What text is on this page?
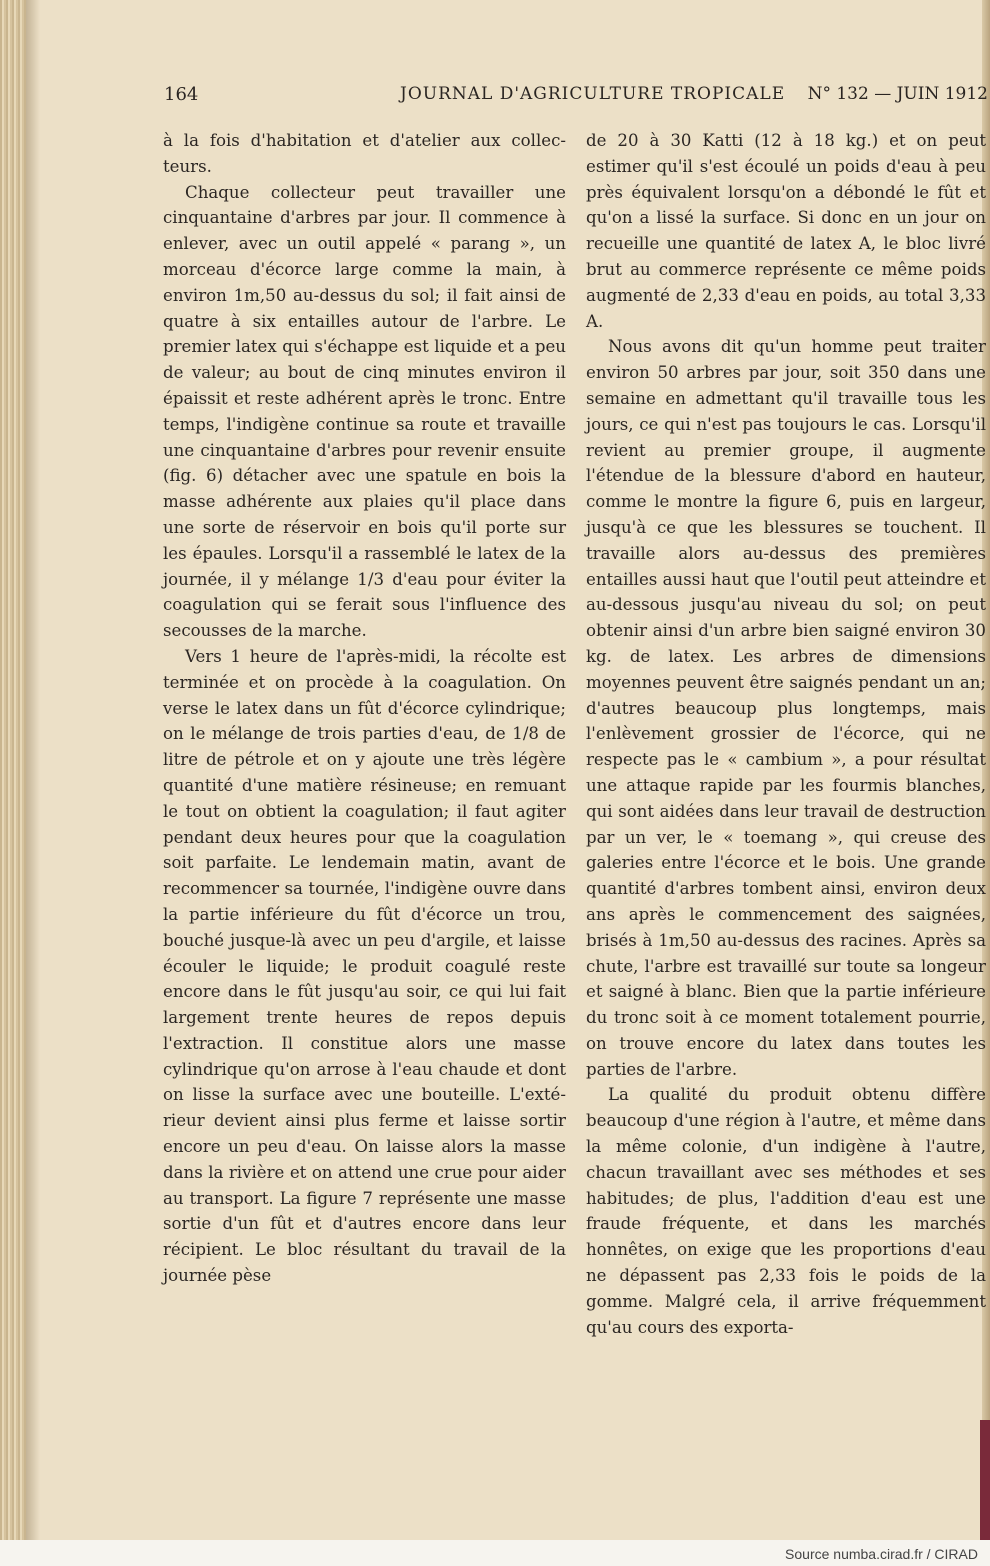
164	JOURNAL D'AGRICULTURE TROPICALE N° 132 — JUIN 1912

à la fois d'habitation et d'atelier aux collecteurs.

Chaque collecteur peut travailler une cinquantaine d'arbres par jour. Il commence à enlever, avec un outil appelé « parang », un morceau d'écorce large comme la main, à environ 1m,50 au-dessus du sol; il fait ainsi de quatre à six entailles autour de l'arbre. Le premier latex qui s'échappe est liquide et a peu de valeur; au bout de cinq minutes environ il épaissit et reste adhérent après le tronc. Entre temps, l'indigène continue sa route et travaille une cinquantaine d'arbres pour revenir ensuite (fig. 6) détacher avec une spatule en bois la masse adhérente aux plaies qu'il place dans une sorte de réservoir en bois qu'il porte sur les épaules. Lorsqu'il a rassemblé le latex de la journée, il y mélange 1/3 d'eau pour éviter la coagulation qui se ferait sous l'influence des secousses de la marche.

Vers 1 heure de l'après-midi, la récolte est terminée et on procède à la coagulation. On verse le latex dans un fût d'écorce cylindrique; on le mélange de trois parties d'eau, de 1/8 de litre de pétrole et on y ajoute une très légère quantité d'une matière résineuse; en remuant le tout on obtient la coagulation; il faut agiter pendant deux heures pour que la coagulation soit parfaite. Le lendemain matin, avant de recommencer sa tournée, l'indigène ouvre dans la partie inférieure du fût d'écorce un trou, bouché jusque-là avec un peu d'argile, et laisse écouler le liquide; le produit coagulé reste encore dans le fût jusqu'au soir, ce qui lui fait largement trente heures de repos depuis l'extraction. Il constitue alors une masse cylindrique qu'on arrose à l'eau chaude et dont on lisse la surface avec une bouteille. L'extérieur devient ainsi plus ferme et laisse sortir encore un peu d'eau. On laisse alors la masse dans la rivière et on attend une crue pour aider au transport. La figure 7 représente une masse sortie d'un fût et d'autres encore dans leur récipient. Le bloc résultant du travail de la journée pèse

de 20 à 30 Katti (12 à 18 kg.) et on peut estimer qu'il s'est écoulé un poids d'eau à peu près équivalent lorsqu'on a débondé le fût et qu'on a lissé la surface. Si donc en un jour on recueille une quantité de latex A, le bloc livré brut au commerce représente ce même poids augmenté de 2,33 d'eau en poids, au total 3,33 A.

Nous avons dit qu'un homme peut traiter environ 50 arbres par jour, soit 350 dans une semaine en admettant qu'il travaille tous les jours, ce qui n'est pas toujours le cas. Lorsqu'il revient au premier groupe, il augmente l'étendue de la blessure d'abord en hauteur, comme le montre la figure 6, puis en largeur, jusqu'à ce que les blessures se touchent. Il travaille alors au-dessus des premières entailles aussi haut que l'outil peut atteindre et au-dessous jusqu'au niveau du sol; on peut obtenir ainsi d'un arbre bien saigné environ 30 kg. de latex. Les arbres de dimensions moyennes peuvent être saignés pendant un an; d'autres beaucoup plus longtemps, mais l'enlèvement grossier de l'écorce, qui ne respecte pas le « cambium », a pour résultat une attaque rapide par les fourmis blanches, qui sont aidées dans leur travail de destruction par un ver, le « toemang », qui creuse des galeries entre l'écorce et le bois. Une grande quantité d'arbres tombent ainsi, environ deux ans après le commencement des saignées, brisés à 1m,50 au-dessus des racines. Après sa chute, l'arbre est travaillé sur toute sa longeur et saigné à blanc. Bien que la partie inférieure du tronc soit à ce moment totalement pourrie, on trouve encore du latex dans toutes les parties de l'arbre.

La qualité du produit obtenu diffère beaucoup d'une région à l'autre, et même dans la même colonie, d'un indigène à l'autre, chacun travaillant avec ses méthodes et ses habitudes; de plus, l'addition d'eau est une fraude fréquente, et dans les marchés honnêtes, on exige que les proportions d'eau ne dépassent pas 2,33 fois le poids de la gomme. Malgré cela, il arrive fréquemment qu'au cours des exporta-

Source numba.cirad.fr / CIRAD
